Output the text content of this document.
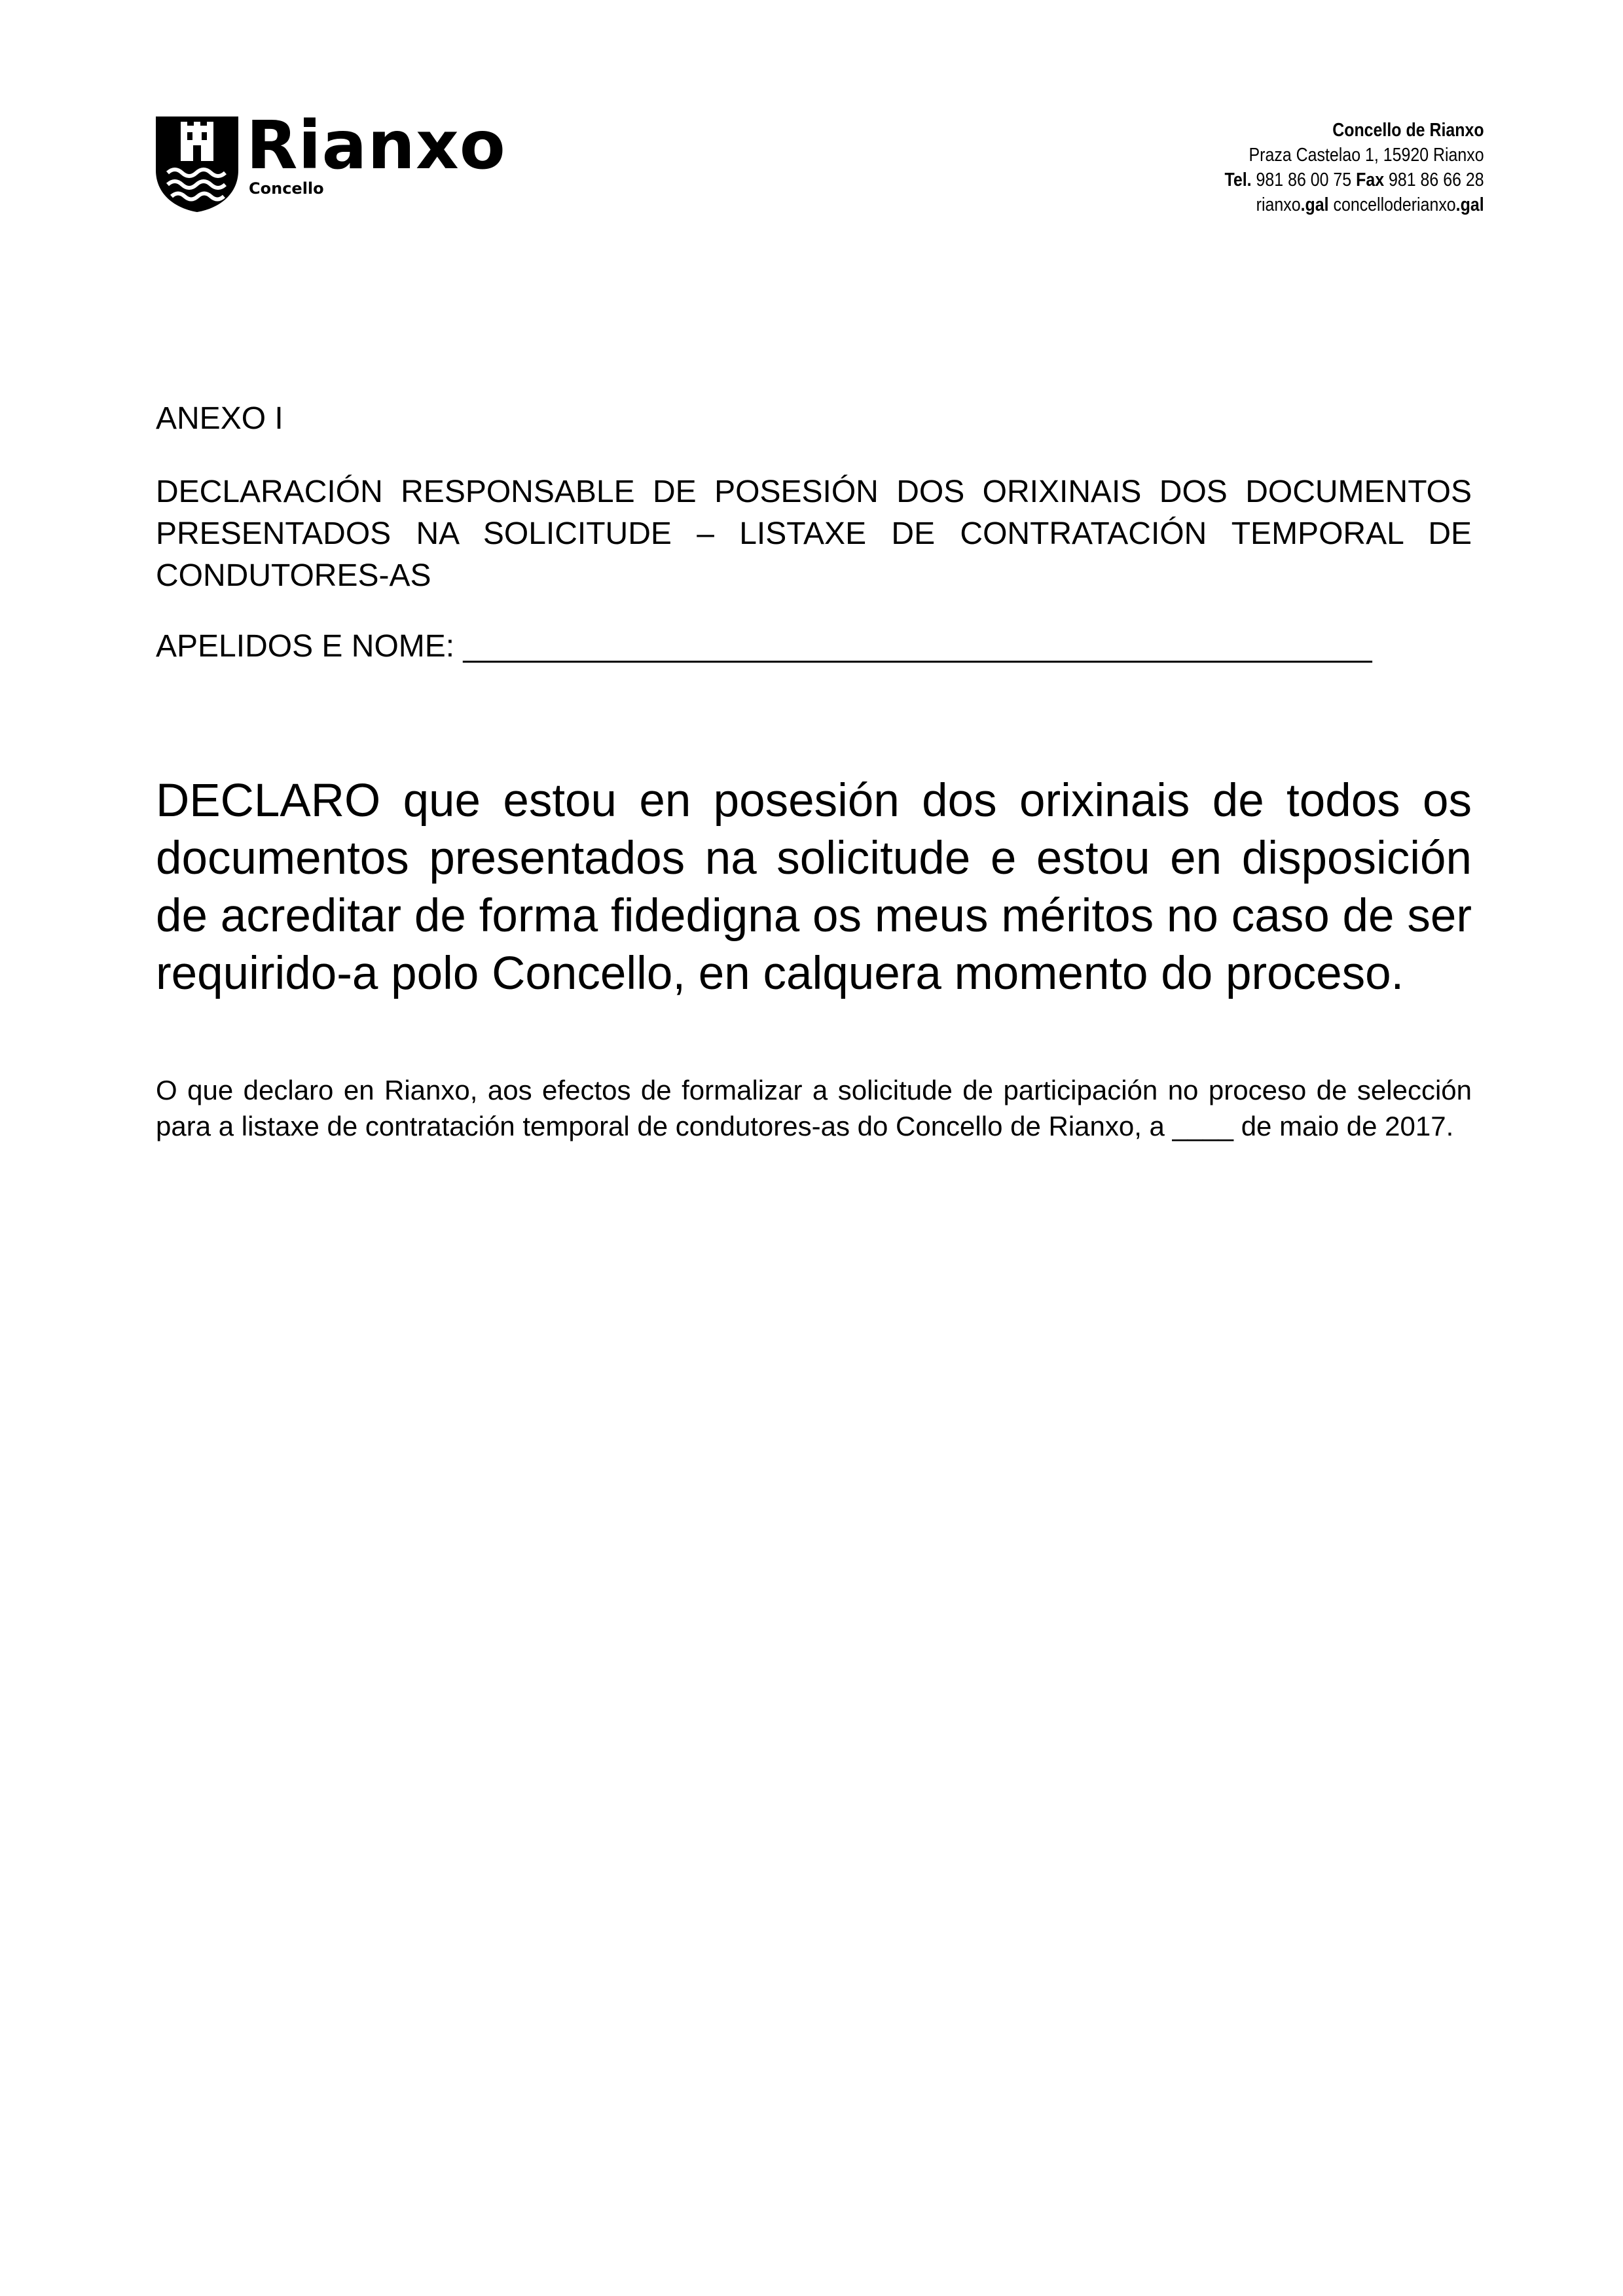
Rianxo
Concello
Concello de Rianxo
Praza Castelao 1, 15920 Rianxo
Tel. 981 86 00 75 Fax 981 86 66 28
rianxo.gal concelloderianxo.gal
ANEXO I
DECLARACIÓN RESPONSABLE DE POSESIÓN DOS ORIXINAIS DOS DOCUMENTOS PRESENTADOS NA SOLICITUDE – LISTAXE DE CONTRATACIÓN TEMPORAL DE CONDUTORES-AS
APELIDOS E NOME: ____________________________________________________
DECLARO que estou en posesión dos orixinais de todos os documentos presentados na solicitude e estou en disposición de acreditar de forma fidedigna os meus méritos no caso de ser requirido-a polo Concello, en calquera momento do proceso.
O que declaro en Rianxo, aos efectos de formalizar a solicitude de participación no proceso de selección para a listaxe de contratación temporal de condutores-as do Concello de Rianxo, a ____ de maio de 2017.
